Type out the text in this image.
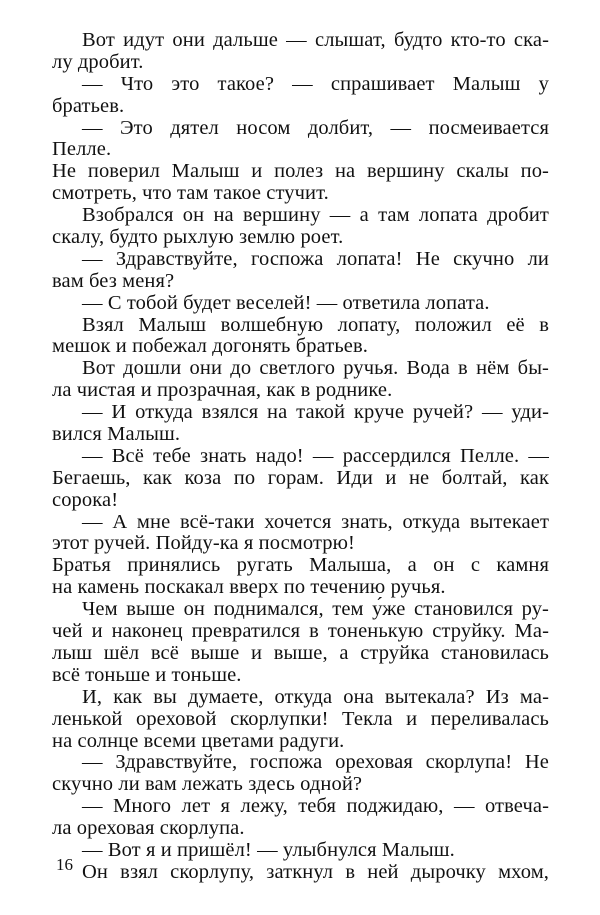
Вот идут они дальше — слышат, будто кто-то ска-
лу дробит.
— Что это такое? — спрашивает Малыш у
братьев.
— Это дятел носом долбит, — посмеивается
Пелле.
Не поверил Малыш и полез на вершину скалы по-
смотреть, что там такое стучит.
Взобрался он на вершину — а там лопата дробит
скалу, будто рыхлую землю роет.
— Здравствуйте, госпожа лопата! Не скучно ли
вам без меня?
— С тобой будет веселей! — ответила лопата.
Взял Малыш волшебную лопату, положил её в
мешок и побежал догонять братьев.
Вот дошли они до светлого ручья. Вода в нём бы-
ла чистая и прозрачная, как в роднике.
— И откуда взялся на такой круче ручей? — уди-
вился Малыш.
— Всё тебе знать надо! — рассердился Пелле. —
Бегаешь, как коза по горам. Иди и не болтай, как
сорока!
— А мне всё-таки хочется знать, откуда вытекает
этот ручей. Пойду-ка я посмотрю!
Братья принялись ругать Малыша, а он с камня
на камень поскакал вверх по течению ручья.
Чем выше он поднимался, тем у́же становился ру-
чей и наконец превратился в тоненькую струйку. Ма-
лыш шёл всё выше и выше, а струйка становилась
всё тоньше и тоньше.
И, как вы думаете, откуда она вытекала? Из ма-
ленькой ореховой скорлупки! Текла и переливалась
на солнце всеми цветами радуги.
— Здравствуйте, госпожа ореховая скорлупа! Не
скучно ли вам лежать здесь одной?
— Много лет я лежу, тебя поджидаю, — отвеча-
ла ореховая скорлупа.
— Вот я и пришёл! — улыбнулся Малыш.
Он взял скорлупу, заткнул в ней дырочку мхом,
16
